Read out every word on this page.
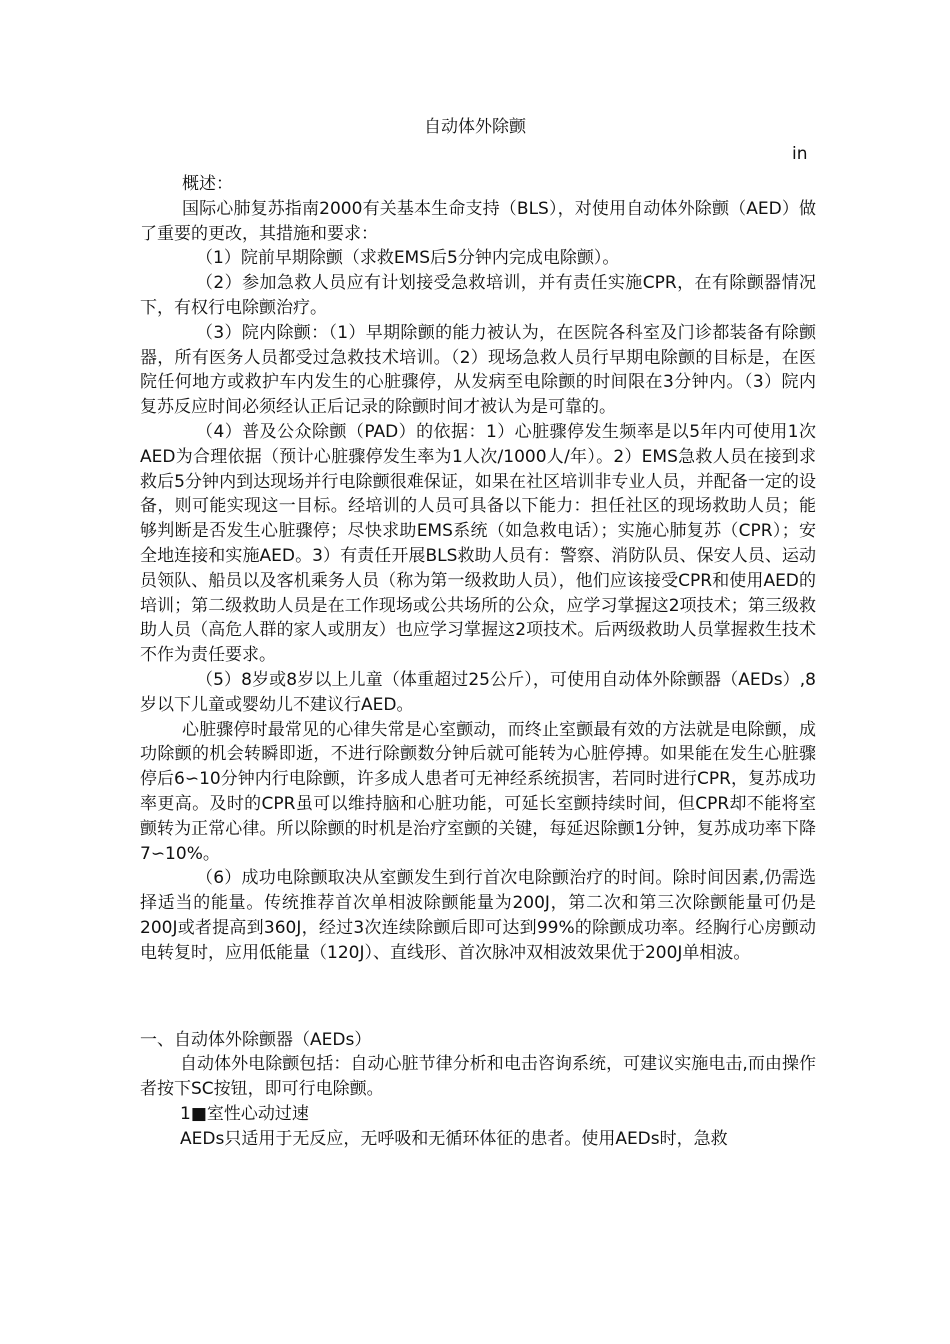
自动体外除颤
in

概述：

国际心肺复苏指南2000有关基本生命支持（BLS），对使用自动体外除颤（AED）做了重要的更改，其措施和要求：

（1）院前早期除颤（求救EMS后5分钟内完成电除颤）。

（2）参加急救人员应有计划接受急救培训，并有责任实施CPR，在有除颤器情况下，有权行电除颤治疗。

（3）院内除颤：（1）早期除颤的能力被认为，在医院各科室及门诊都装备有除颤器，所有医务人员都受过急救技术培训。（2）现场急救人员行早期电除颤的目标是，在医院任何地方或救护车内发生的心脏骤停，从发病至电除颤的时间限在3分钟内。（3）院内复苏反应时间必须经认正后记录的除颤时间才被认为是可靠的。

（4）普及公众除颤（PAD）的依据：1）心脏骤停发生频率是以5年内可使用1次AED为合理依据（预计心脏骤停发生率为1人次/1000人/年）。2）EMS急救人员在接到求救后5分钟内到达现场并行电除颤很难保证，如果在社区培训非专业人员，并配备一定的设备，则可能实现这一目标。经培训的人员可具备以下能力：担任社区的现场救助人员；能够判断是否发生心脏骤停；尽快求助EMS系统（如急救电话）；实施心肺复苏（CPR）；安全地连接和实施AED。3）有责任开展BLS救助人员有：警察、消防队员、保安人员、运动员领队、船员以及客机乘务人员（称为第一级救助人员），他们应该接受CPR和使用AED的培训；第二级救助人员是在工作现场或公共场所的公众，应学习掌握这2项技术；第三级救助人员（高危人群的家人或朋友）也应学习掌握这2项技术。后两级救助人员掌握救生技术不作为责任要求。

（5）8岁或8岁以上儿童（体重超过25公斤），可使用自动体外除颤器（AEDs）,8岁以下儿童或婴幼儿不建议行AED。

心脏骤停时最常见的心律失常是心室颤动，而终止室颤最有效的方法就是电除颤，成功除颤的机会转瞬即逝，不进行除颤数分钟后就可能转为心脏停搏。如果能在发生心脏骤停后6∽10分钟内行电除颤，许多成人患者可无神经系统损害，若同时进行CPR，复苏成功率更高。及时的CPR虽可以维持脑和心脏功能，可延长室颤持续时间，但CPR却不能将室颤转为正常心律。所以除颤的时机是治疗室颤的关键，每延迟除颤1分钟，复苏成功率下降7∽10%。

（6）成功电除颤取决从室颤发生到行首次电除颤治疗的时间。除时间因素,仍需选择适当的能量。传统推荐首次单相波除颤能量为200J，第二次和第三次除颤能量可仍是200J或者提高到360J，经过3次连续除颤后即可达到99%的除颤成功率。经胸行心房颤动电转复时，应用低能量（120J）、直线形、首次脉冲双相波效果优于200J单相波。

一、自动体外除颤器（AEDs）

自动体外电除颤包括：自动心脏节律分析和电击咨询系统，可建议实施电击,而由操作者按下SC按钮，即可行电除颤。

1■室性心动过速

AEDs只适用于无反应，无呼吸和无循环体征的患者。使用AEDs时，急救
